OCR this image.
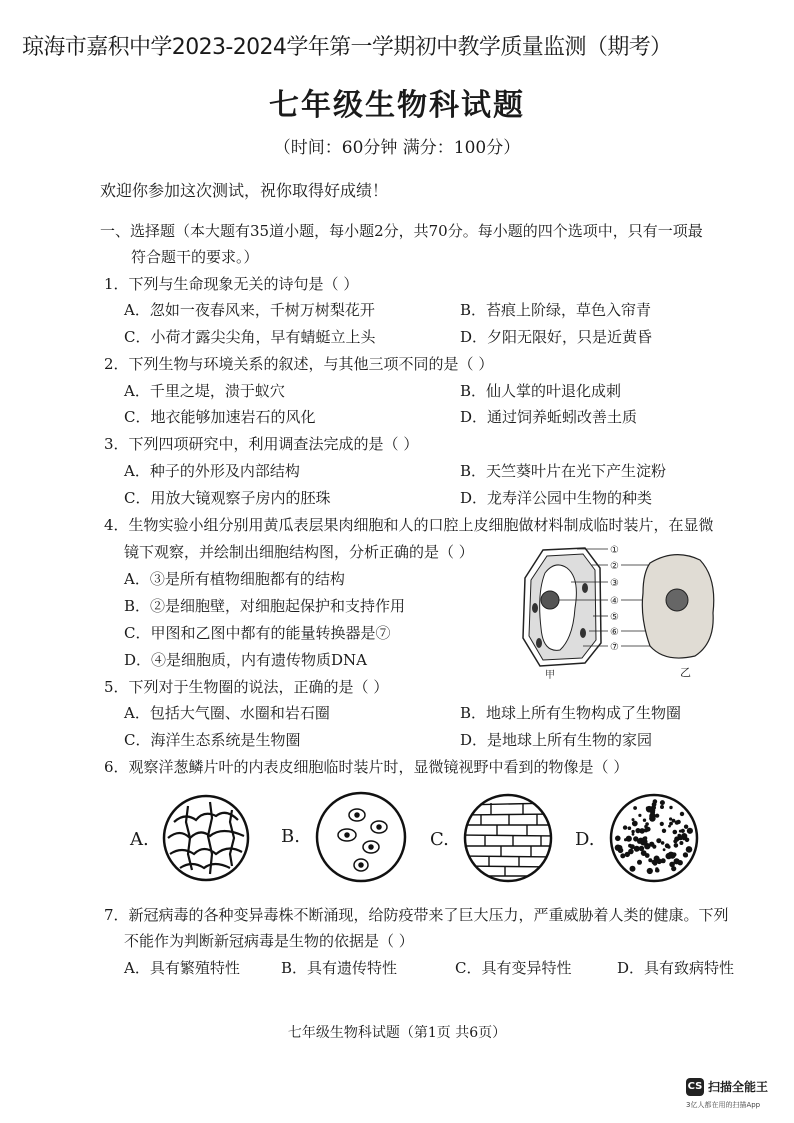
琼海市嘉积中学2023-2024学年第一学期初中教学质量监测（期考）
七年级生物科试题
（时间：60分钟 满分：100分）
欢迎你参加这次测试，祝你取得好成绩！
一、选择题（本大题有35道小题，每小题2分，共70分。每小题的四个选项中，只有一项最
符合题干的要求。）
1．下列与生命现象无关的诗句是（ ）
A．忽如一夜春风来，千树万树梨花开	B．苔痕上阶绿，草色入帘青
C．小荷才露尖尖角，早有蜻蜓立上头	D．夕阳无限好，只是近黄昏
2．下列生物与环境关系的叙述，与其他三项不同的是（ ）
A．千里之堤，溃于蚁穴	B．仙人掌的叶退化成刺
C．地衣能够加速岩石的风化	D．通过饲养蚯蚓改善土质
3．下列四项研究中，利用调查法完成的是（ ）
A．种子的外形及内部结构	B．天竺葵叶片在光下产生淀粉
C．用放大镜观察子房内的胚珠	D．龙寿洋公园中生物的种类
4．生物实验小组分别用黄瓜表层果肉细胞和人的口腔上皮细胞做材料制成临时装片，在显微
镜下观察，并绘制出细胞结构图，分析正确的是（ ）
A．③是所有植物细胞都有的结构
B．②是细胞壁，对细胞起保护和支持作用
C．甲图和乙图中都有的能量转换器是⑦
D．④是细胞质，内有遗传物质DNA
①
②
③
④
⑤
⑥
⑦
甲	乙
5．下列对于生物圈的说法，正确的是（ ）
A．包括大气圈、水圈和岩石圈	B．地球上所有生物构成了生物圈
C．海洋生态系统是生物圈	D．是地球上所有生物的家园
6．观察洋葱鳞片叶的内表皮细胞临时装片时，显微镜视野中看到的物像是（ ）
A.	B.	C.	D.
7．新冠病毒的各种变异毒株不断涌现，给防疫带来了巨大压力，严重威胁着人类的健康。下列
不能作为判断新冠病毒是生物的依据是（ ）
A．具有繁殖特性	B．具有遗传特性	C．具有变异特性	D．具有致病特性
七年级生物科试题（第1页 共6页）
CS 扫描全能王
3亿人都在用的扫描App
